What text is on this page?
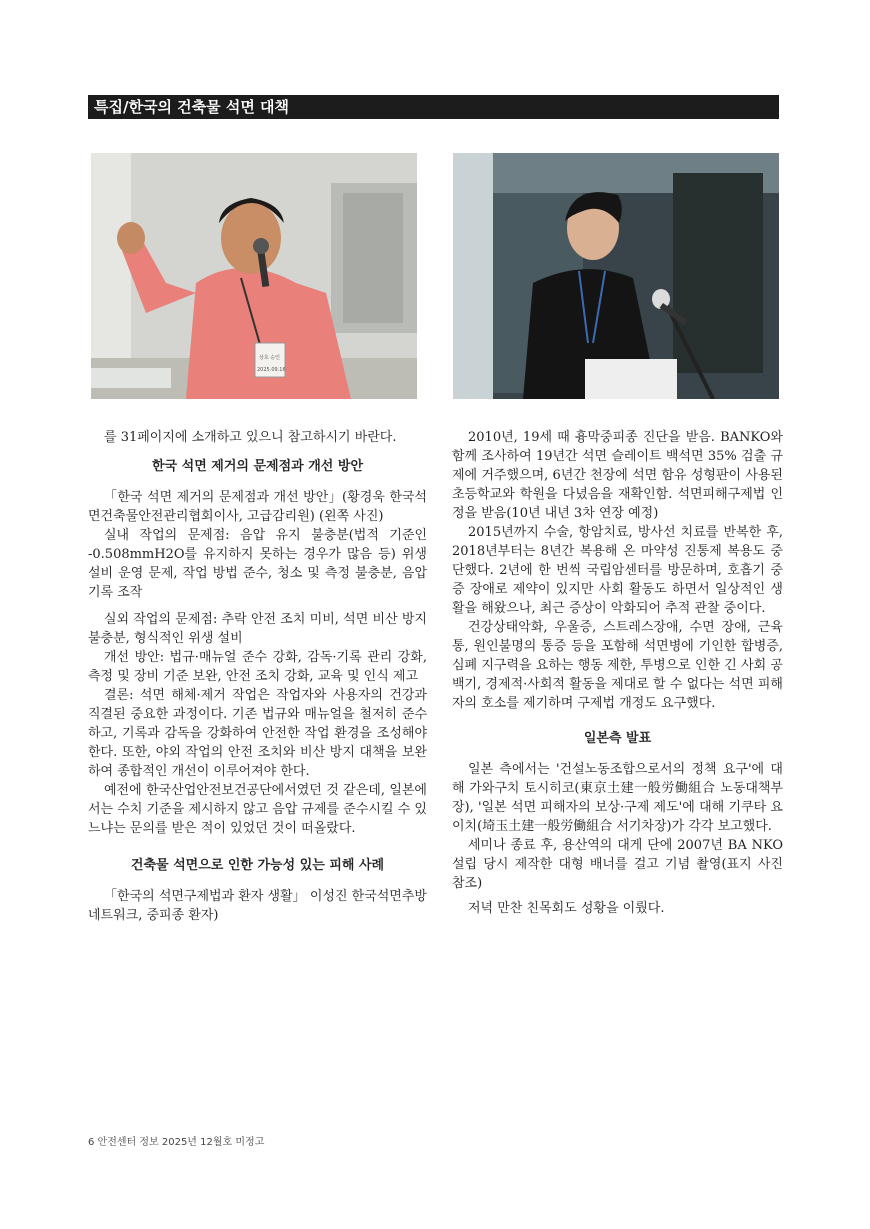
특집/한국의 건축물 석면 대책
상호 승인
2025.09.16

를 31페이지에 소개하고 있으니 참고하시기 바란다.

한국 석면 제거의 문제점과 개선 방안

「한국 석면 제거의 문제점과 개선 방안」(황경욱 한국석면건축물안전관리협회이사, 고급감리원) (왼쪽 사진)

실내 작업의 문제점: 음압 유지 불충분(법적 기준인 -0.508mmH2O를 유지하지 못하는 경우가 많음 등) 위생설비 운영 문제, 작업 방법 준수, 청소 및 측정 불충분, 음압 기록 조작

실외 작업의 문제점: 추락 안전 조치 미비, 석면 비산 방지 불충분, 형식적인 위생 설비

개선 방안: 법규·매뉴얼 준수 강화, 감독·기록 관리 강화, 측정 및 장비 기준 보완, 안전 조치 강화, 교육 및 인식 제고

결론: 석면 해체·제거 작업은 작업자와 사용자의 건강과 직결된 중요한 과정이다. 기존 법규와 매뉴얼을 철저히 준수하고, 기록과 감독을 강화하여 안전한 작업 환경을 조성해야 한다. 또한, 야외 작업의 안전 조치와 비산 방지 대책을 보완하여 종합적인 개선이 이루어져야 한다.

예전에 한국산업안전보건공단에서였던 것 같은데, 일본에서는 수치 기준을 제시하지 않고 음압 규제를 준수시킬 수 있느냐는 문의를 받은 적이 있었던 것이 떠올랐다.

건축물 석면으로 인한 가능성 있는 피해 사례

「한국의 석면구제법과 환자 생활」 이성진 한국석면추방네트워크, 중피종 환자)

2010년, 19세 때 흉막중피종 진단을 받음. BANKO와 함께 조사하여 19년간 석면 슬레이트 백석면 35% 검출 규제에 거주했으며, 6년간 천장에 석면 함유 성형판이 사용된 초등학교와 학원을 다녔음을 재확인함. 석면피해구제법 인정을 받음(10년 내년 3차 연장 예정)

2015년까지 수술, 항암치료, 방사선 치료를 반복한 후, 2018년부터는 8년간 복용해 온 마약성 진통제 복용도 중단했다. 2년에 한 번씩 국립암센터를 방문하며, 호흡기 중증 장애로 제약이 있지만 사회 활동도 하면서 일상적인 생활을 해왔으나, 최근 증상이 악화되어 추적 관찰 중이다.

건강상태악화, 우울증, 스트레스장애, 수면 장애, 근육통, 원인불명의 통증 등을 포함해 석면병에 기인한 합병증, 심폐 지구력을 요하는 행동 제한, 투병으로 인한 긴 사회 공백기, 경제적·사회적 활동을 제대로 할 수 없다는 석면 피해자의 호소를 제기하며 구제법 개정도 요구했다.

일본측 발표

일본 측에서는 '건설노동조합으로서의 정책 요구'에 대해 가와구치 토시히코(東京土建一般労働組合 노동대책부장), '일본 석면 피해자의 보상·구제 제도'에 대해 기쿠타 요이치(埼玉土建一般労働組合 서기차장)가 각각 보고했다.

세미나 종료 후, 용산역의 대게 단에 2007년 BA NKO 설립 당시 제작한 대형 배너를 걸고 기념 촬영(표지 사진 참조)

저녁 만찬 친목회도 성황을 이뤘다.

6 안전센터 정보 2025년 12월호 미정고
